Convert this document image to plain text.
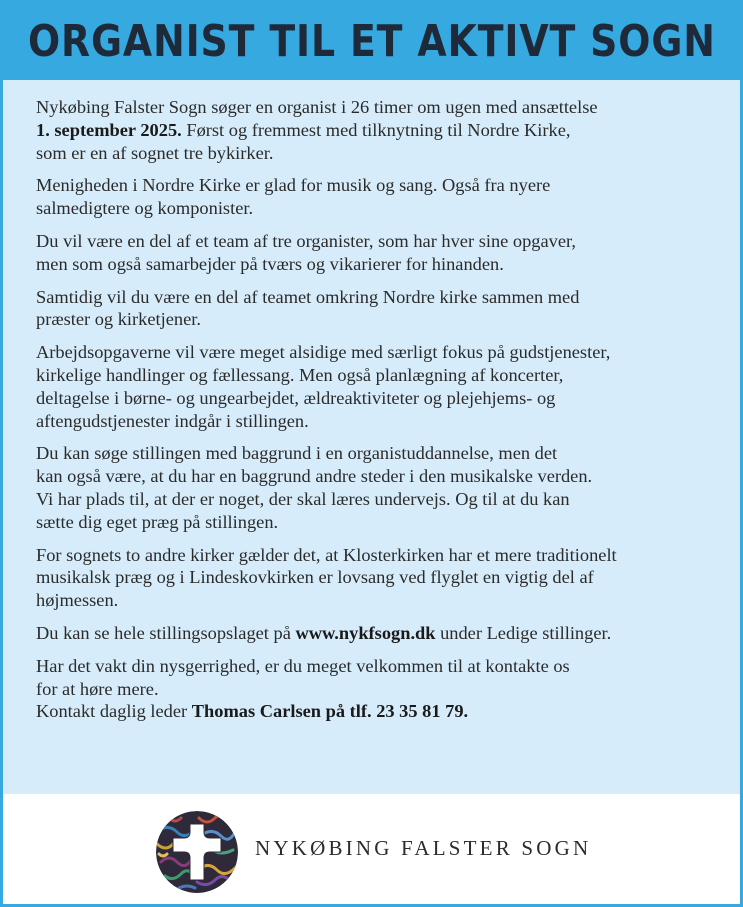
ORGANIST TIL ET AKTIVT SOGN

Nykøbing Falster Sogn søger en organist i 26 timer om ugen med ansættelse
1. september 2025. Først og fremmest med tilknytning til Nordre Kirke,
som er en af sognet tre bykirker.

Menigheden i Nordre Kirke er glad for musik og sang. Også fra nyere
salmedigtere og komponister.

Du vil være en del af et team af tre organister, som har hver sine opgaver,
men som også samarbejder på tværs og vikarierer for hinanden.

Samtidig vil du være en del af teamet omkring Nordre kirke sammen med
præster og kirketjener.

Arbejdsopgaverne vil være meget alsidige med særligt fokus på gudstjenester,
kirkelige handlinger og fællessang. Men også planlægning af koncerter,
deltagelse i børne- og ungearbejdet, ældreaktiviteter og plejehjems- og
aftengudstjenester indgår i stillingen.

Du kan søge stillingen med baggrund i en organistuddannelse, men det
kan også være, at du har en baggrund andre steder i den musikalske verden.
Vi har plads til, at der er noget, der skal læres undervejs. Og til at du kan
sætte dig eget præg på stillingen.

For sognets to andre kirker gælder det, at Klosterkirken har et mere traditionelt
musikalsk præg og i Lindeskovkirken er lovsang ved flyglet en vigtig del af
højmessen.

Du kan se hele stillingsopslaget på www.nykfsogn.dk under Ledige stillinger.

Har det vakt din nysgerrighed, er du meget velkommen til at kontakte os
for at høre mere.
Kontakt daglig leder Thomas Carlsen på tlf. 23 35 81 79.

NYKØBING FALSTER SOGN
